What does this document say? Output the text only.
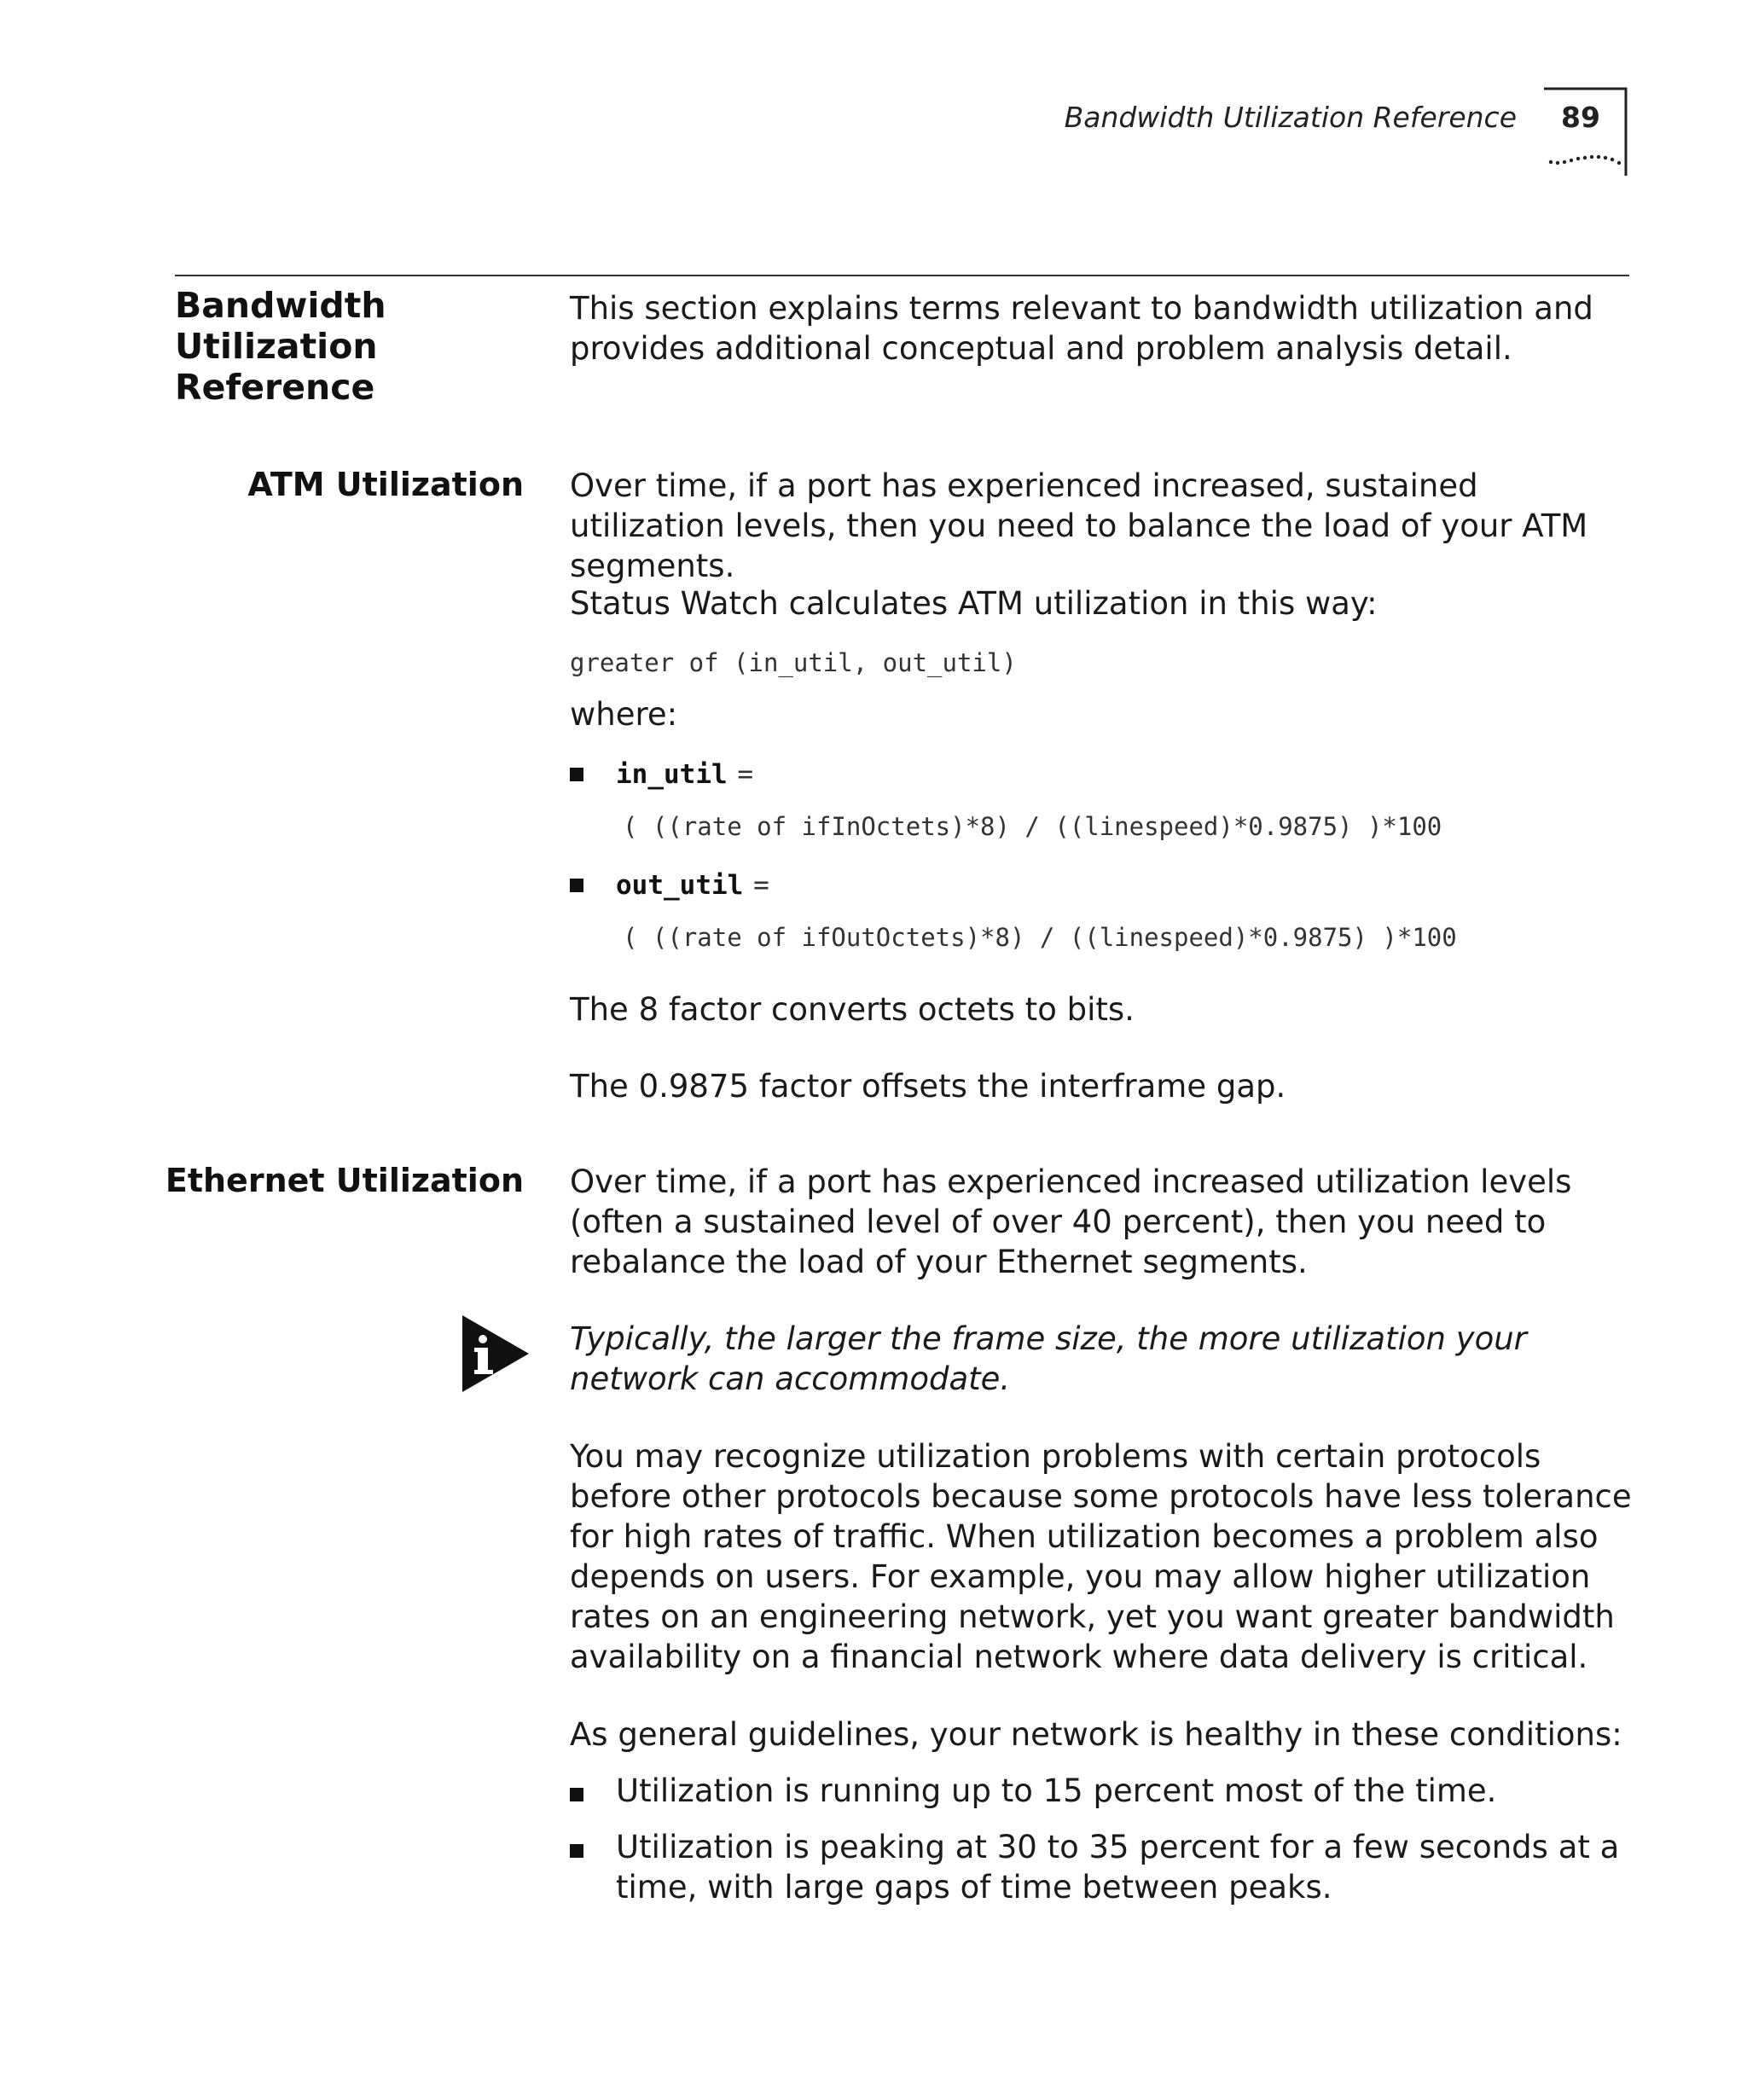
Bandwidth Utilization Reference 89
Bandwidth
Utilization
Reference
This section explains terms relevant to bandwidth utilization and provides additional conceptual and problem analysis detail.
ATM Utilization Over time, if a port has experienced increased, sustained utilization levels, then you need to balance the load of your ATM segments.
Status Watch calculates ATM utilization in this way:
greater of (in_util, out_util)
where:
in_util =
( ((rate of ifInOctets)*8) / ((linespeed)*0.9875) )*100
out_util =
( ((rate of ifOutOctets)*8) / ((linespeed)*0.9875) )*100
The 8 factor converts octets to bits.
The 0.9875 factor offsets the interframe gap.
Ethernet Utilization Over time, if a port has experienced increased utilization levels (often a sustained level of over 40 percent), then you need to rebalance the load of your Ethernet segments.
Typically, the larger the frame size, the more utilization your network can accommodate.
You may recognize utilization problems with certain protocols before other protocols because some protocols have less tolerance for high rates of traffic. When utilization becomes a problem also depends on users. For example, you may allow higher utilization rates on an engineering network, yet you want greater bandwidth availability on a financial network where data delivery is critical.
As general guidelines, your network is healthy in these conditions:
Utilization is running up to 15 percent most of the time.
Utilization is peaking at 30 to 35 percent for a few seconds at a time, with large gaps of time between peaks.
